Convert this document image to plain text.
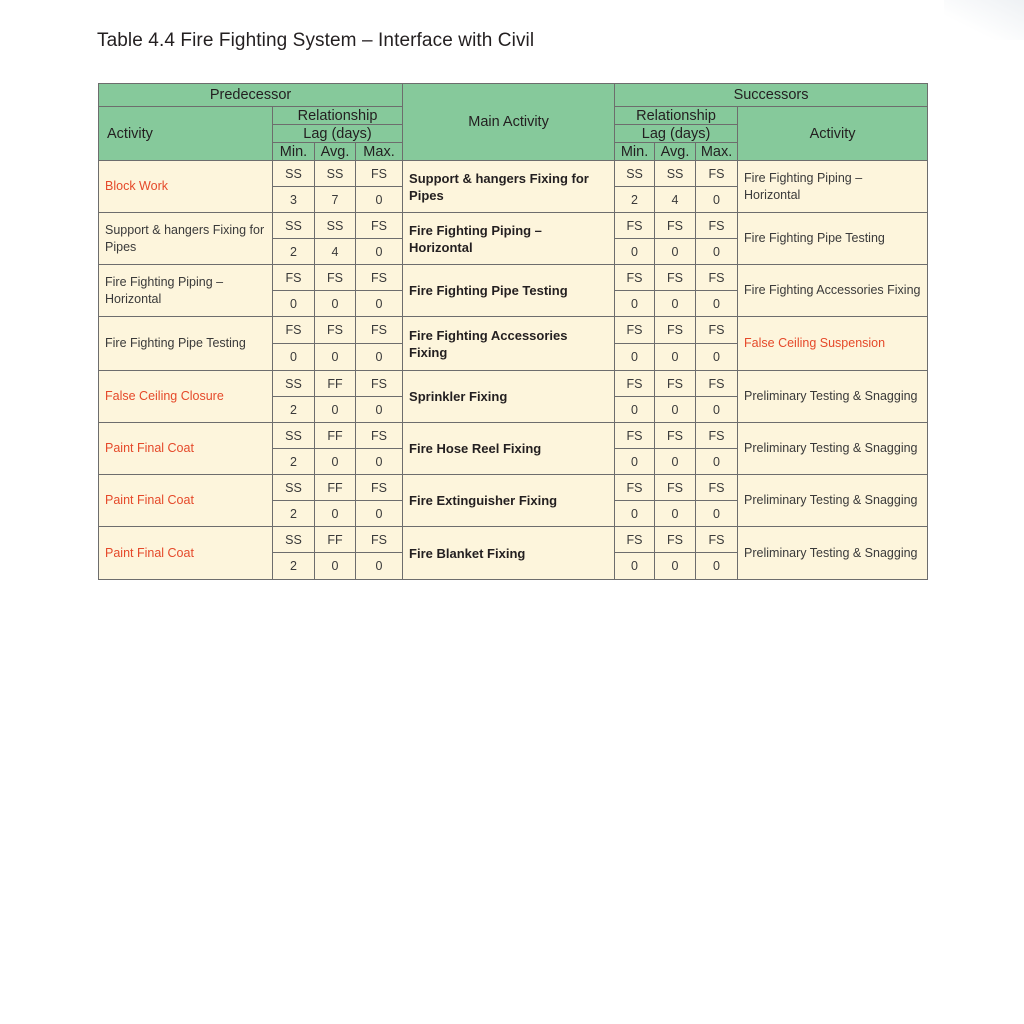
Table 4.4 Fire Fighting System – Interface with Civil
Predecessor				Main Activity	Successors			
Activity	Relationship				Relationship			Activity
	Lag (days)				Lag (days)			
	Min.	Avg.	Max.		Min.	Avg.	Max.	
Block Work	SS	SS	FS	Support & hangers Fixing for Pipes	SS	SS	FS	Fire Fighting Piping – Horizontal
	3	7	0		2	4	0	
Support & hangers Fixing for Pipes	SS	SS	FS	Fire Fighting Piping – Horizontal	FS	FS	FS	Fire Fighting Pipe Testing
	2	4	0		0	0	0	
Fire Fighting Piping – Horizontal	FS	FS	FS	Fire Fighting Pipe Testing	FS	FS	FS	Fire Fighting Accessories Fixing
	0	0	0		0	0	0	
Fire Fighting Pipe Testing	FS	FS	FS	Fire Fighting Accessories Fixing	FS	FS	FS	False Ceiling Suspension
	0	0	0		0	0	0	
False Ceiling Closure	SS	FF	FS	Sprinkler Fixing	FS	FS	FS	Preliminary Testing & Snagging
	2	0	0		0	0	0	
Paint Final Coat	SS	FF	FS	Fire Hose Reel Fixing	FS	FS	FS	Preliminary Testing & Snagging
	2	0	0		0	0	0	
Paint Final Coat	SS	FF	FS	Fire Extinguisher Fixing	FS	FS	FS	Preliminary Testing & Snagging
	2	0	0		0	0	0	
Paint Final Coat	SS	FF	FS	Fire Blanket Fixing	FS	FS	FS	Preliminary Testing & Snagging
	2	0	0		0	0	0	
